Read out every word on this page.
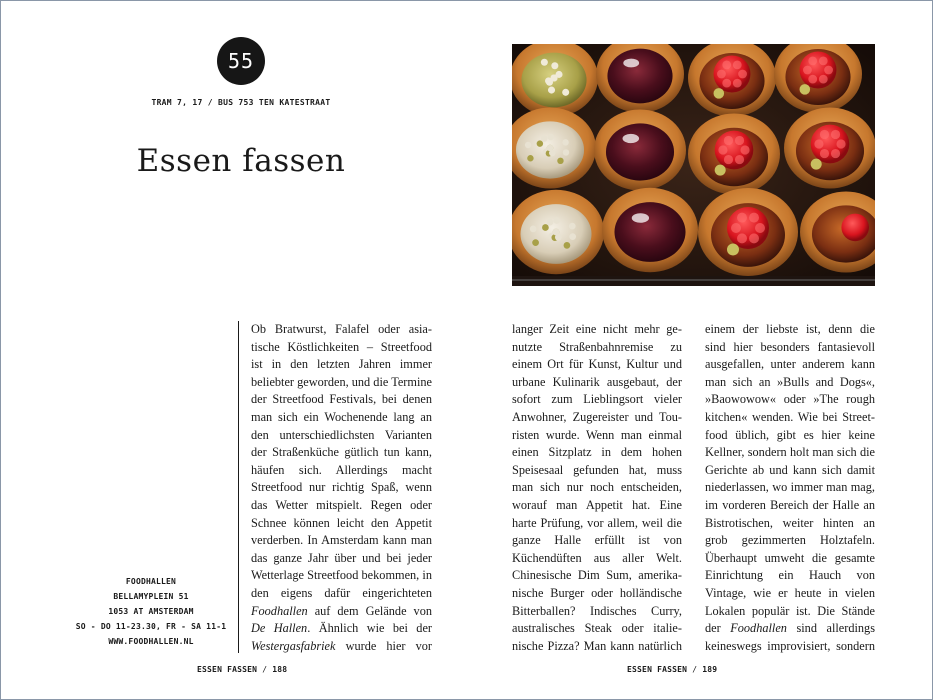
55
TRAM 7, 17 / BUS 753 TEN KATESTRAAT
Essen fassen
FOODHALLEN
BELLAMYPLEIN 51
1053 AT AMSTERDAM
SO - DO 11-23.30, FR - SA 11-1
WWW.FOODHALLEN.NL

Ob Bratwurst, Falafel oder asiatische Köstlichkeiten – Streetfood ist in den letzten Jahren immer beliebter geworden, und die Termine der Streetfood Festivals, bei denen man sich ein Wochenende lang an den unterschiedlichsten Varianten der Straßenküche gütlich tun kann, häufen sich. Allerdings macht Streetfood nur richtig Spaß, wenn das Wetter mitspielt. Regen oder Schnee können leicht den Appetit verderben. In Amsterdam kann man das ganze Jahr über und bei jeder Wetterlage Streetfood bekommen, in den eigens dafür eingerichteten Foodhallen auf dem Gelände von De Hallen. Ähnlich wie bei der Westergasfabriek wurde hier vor

langer Zeit eine nicht mehr genutzte Straßenbahnremise zu einem Ort für Kunst, Kultur und urbane Kulinarik ausgebaut, der sofort zum Lieblingsort vieler Anwohner, Zugereister und Touristen wurde. Wenn man einmal einen Sitzplatz in dem hohen Speisesaal gefunden hat, muss man sich nur noch entscheiden, worauf man Appetit hat. Eine harte Prüfung, vor allem, weil die ganze Halle erfüllt ist von Küchendüften aus aller Welt. Chinesische Dim Sum, amerikanische Burger oder holländische Bitterballen? Indisches Curry, australisches Steak oder italienische Pizza? Man kann natürlich

einem der liebste ist, denn die sind hier besonders fantasievoll ausgefallen, unter anderem kann man sich an »Bulls and Dogs«, »Baowowow« oder »The rough kitchen« wenden. Wie bei Streetfood üblich, gibt es hier keine Kellner, sondern holt man sich die Gerichte ab und kann sich damit niederlassen, wo immer man mag, im vorderen Bereich der Halle an Bistrotischen, weiter hinten an grob gezimmerten Holztafeln. Überhaupt umweht die gesamte Einrichtung ein Hauch von Vintage, wie er heute in vielen Lokalen populär ist. Die Stände der Foodhallen sind allerdings keineswegs improvisiert, sondern

ESSEN FASSEN / 188	ESSEN FASSEN / 189
